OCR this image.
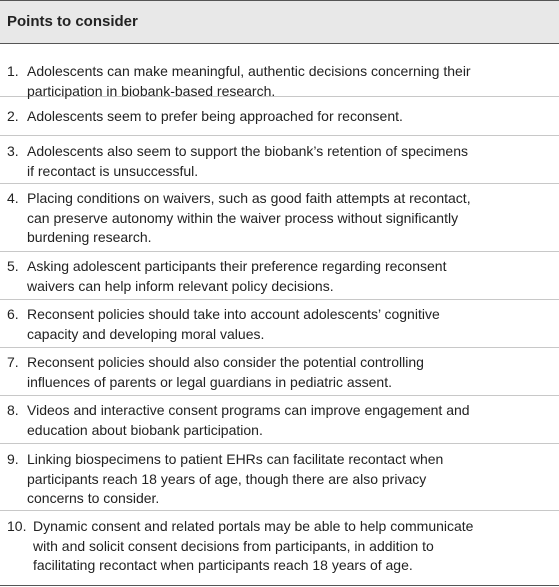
Points to consider
1. Adolescents can make meaningful, authentic decisions concerning their
participation in biobank-based research.
2. Adolescents seem to prefer being approached for reconsent.
3. Adolescents also seem to support the biobank’s retention of specimens
if recontact is unsuccessful.
4. Placing conditions on waivers, such as good faith attempts at recontact,
can preserve autonomy within the waiver process without significantly
burdening research.
5. Asking adolescent participants their preference regarding reconsent
waivers can help inform relevant policy decisions.
6. Reconsent policies should take into account adolescents’ cognitive
capacity and developing moral values.
7. Reconsent policies should also consider the potential controlling
influences of parents or legal guardians in pediatric assent.
8. Videos and interactive consent programs can improve engagement and
education about biobank participation.
9. Linking biospecimens to patient EHRs can facilitate recontact when
participants reach 18 years of age, though there are also privacy
concerns to consider.
10. Dynamic consent and related portals may be able to help communicate
with and solicit consent decisions from participants, in addition to
facilitating recontact when participants reach 18 years of age.
